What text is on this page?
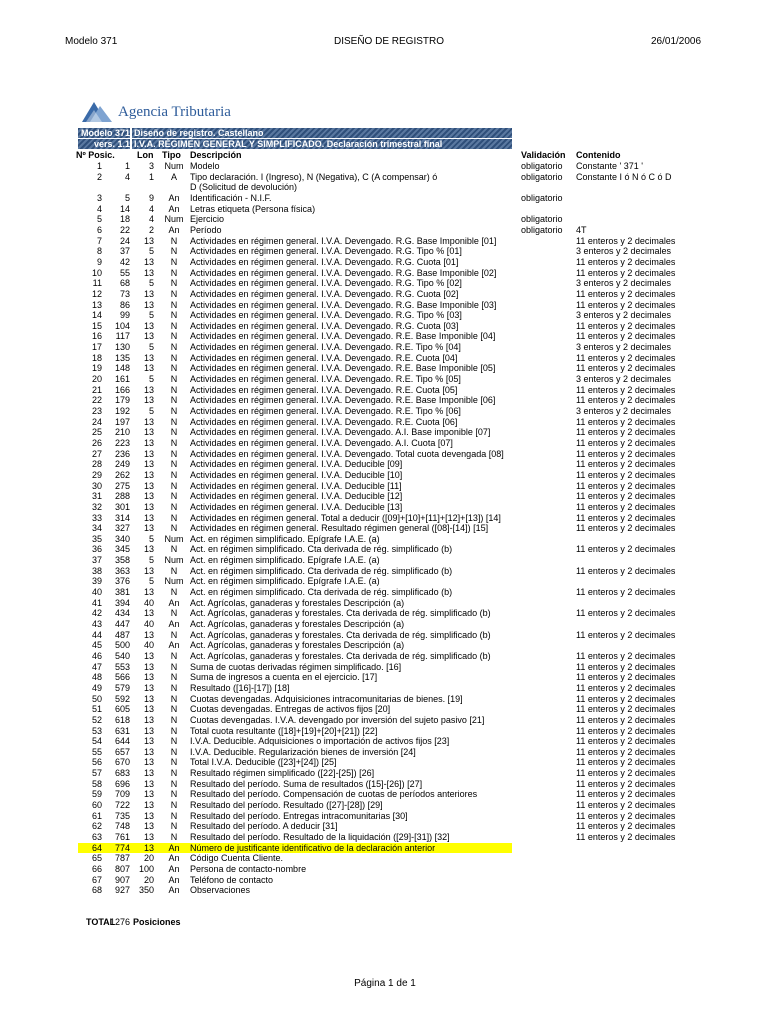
Modelo 371	DISEÑO DE REGISTRO	26/01/2006
Agencia Tributaria
Modelo 371 Diseño de registro. Castellano
vers. 1.1 I.V.A. RÉGIMEN GENERAL Y SIMPLIFICADO. Declaración trimestral final
Nº Posic. Lon Tipo Descripción	Validación Contenido
1	1	3 Num Modelo	obligatorio Constante ' 371 '
2	4	1	A	Tipo declaración. I (Ingreso), N (Negativa), C (A compensar) ó	obligatorio Constante I ó N ó C ó D
D (Solicitud de devolución)
3	5	9	An	Identificación - N.I.F.	obligatorio
4	14	4	An	Letras etiqueta (Persona física)
5	18	4 Num Ejercicio	obligatorio
6	22	2	An	Período	obligatorio 4T
7	24	13	N	Actividades en régimen general. I.V.A. Devengado. R.G. Base Imponible [01]	11 enteros y 2 decimales
8	37	5	N	Actividades en régimen general. I.V.A. Devengado. R.G. Tipo % [01]	3 enteros y 2 decimales
9	42	13	N	Actividades en régimen general. I.V.A. Devengado. R.G. Cuota [01]	11 enteros y 2 decimales
10	55	13	N	Actividades en régimen general. I.V.A. Devengado. R.G. Base Imponible [02]	11 enteros y 2 decimales
11	68	5	N	Actividades en régimen general. I.V.A. Devengado. R.G. Tipo % [02]	3 enteros y 2 decimales
12	73	13	N	Actividades en régimen general. I.V.A. Devengado. R.G. Cuota [02]	11 enteros y 2 decimales
13	86	13	N	Actividades en régimen general. I.V.A. Devengado. R.G. Base Imponible [03]	11 enteros y 2 decimales
14	99	5	N	Actividades en régimen general. I.V.A. Devengado. R.G. Tipo % [03]	3 enteros y 2 decimales
15	104	13	N	Actividades en régimen general. I.V.A. Devengado. R.G. Cuota [03]	11 enteros y 2 decimales
16	117	13	N	Actividades en régimen general. I.V.A. Devengado. R.E. Base Imponible [04]	11 enteros y 2 decimales
17	130	5	N	Actividades en régimen general. I.V.A. Devengado. R.E. Tipo % [04]	3 enteros y 2 decimales
18	135	13	N	Actividades en régimen general. I.V.A. Devengado. R.E. Cuota [04]	11 enteros y 2 decimales
19	148	13	N	Actividades en régimen general. I.V.A. Devengado. R.E. Base Imponible [05]	11 enteros y 2 decimales
20	161	5	N	Actividades en régimen general. I.V.A. Devengado. R.E. Tipo % [05]	3 enteros y 2 decimales
21	166	13	N	Actividades en régimen general. I.V.A. Devengado. R.E. Cuota [05]	11 enteros y 2 decimales
22	179	13	N	Actividades en régimen general. I.V.A. Devengado. R.E. Base Imponible [06]	11 enteros y 2 decimales
23	192	5	N	Actividades en régimen general. I.V.A. Devengado. R.E. Tipo % [06]	3 enteros y 2 decimales
24	197	13	N	Actividades en régimen general. I.V.A. Devengado. R.E. Cuota [06]	11 enteros y 2 decimales
25	210	13	N	Actividades en régimen general. I.V.A. Devengado. A.I. Base imponible [07]	11 enteros y 2 decimales
26	223	13	N	Actividades en régimen general. I.V.A. Devengado. A.I. Cuota [07]	11 enteros y 2 decimales
27	236	13	N	Actividades en régimen general. I.V.A. Devengado. Total cuota devengada [08]	11 enteros y 2 decimales
28	249	13	N	Actividades en régimen general. I.V.A. Deducible [09]	11 enteros y 2 decimales
29	262	13	N	Actividades en régimen general. I.V.A. Deducible [10]	11 enteros y 2 decimales
30	275	13	N	Actividades en régimen general. I.V.A. Deducible [11]	11 enteros y 2 decimales
31	288	13	N	Actividades en régimen general. I.V.A. Deducible [12]	11 enteros y 2 decimales
32	301	13	N	Actividades en régimen general. I.V.A. Deducible [13]	11 enteros y 2 decimales
33	314	13	N	Actividades en régimen general. Total a deducir ([09]+[10]+[11]+[12]+[13]) [14]	11 enteros y 2 decimales
34	327	13	N	Actividades en régimen general. Resultado régimen general ([08]-[14]) [15]	11 enteros y 2 decimales
35	340	5 Num Act. en régimen simplificado. Epígrafe I.A.E. (a)
36	345	13	N	Act. en régimen simplificado. Cta derivada de rég. simplificado (b)	11 enteros y 2 decimales
37	358	5 Num Act. en régimen simplificado. Epígrafe I.A.E. (a)
38	363	13	N	Act. en régimen simplificado. Cta derivada de rég. simplificado (b)	11 enteros y 2 decimales
39	376	5 Num Act. en régimen simplificado. Epígrafe I.A.E. (a)
40	381	13	N	Act. en régimen simplificado. Cta derivada de rég. simplificado (b)	11 enteros y 2 decimales
41	394	40	An	Act. Agrícolas, ganaderas y forestales Descripción (a)
42	434	13	N	Act. Agrícolas, ganaderas y forestales. Cta derivada de rég. simplificado (b)	11 enteros y 2 decimales
43	447	40	An	Act. Agrícolas, ganaderas y forestales Descripción (a)
44	487	13	N	Act. Agrícolas, ganaderas y forestales. Cta derivada de rég. simplificado (b)	11 enteros y 2 decimales
45	500	40	An	Act. Agrícolas, ganaderas y forestales Descripción (a)
46	540	13	N	Act. Agrícolas, ganaderas y forestales. Cta derivada de rég. simplificado (b)	11 enteros y 2 decimales
47	553	13	N	Suma de cuotas derivadas régimen simplificado. [16]	11 enteros y 2 decimales
48	566	13	N	Suma de ingresos a cuenta en el ejercicio. [17]	11 enteros y 2 decimales
49	579	13	N	Resultado ([16]-[17]) [18]	11 enteros y 2 decimales
50	592	13	N	Cuotas devengadas. Adquisiciones intracomunitarias de bienes. [19]	11 enteros y 2 decimales
51	605	13	N	Cuotas devengadas. Entregas de activos fijos [20]	11 enteros y 2 decimales
52	618	13	N	Cuotas devengadas. I.V.A. devengado por inversión del sujeto pasivo [21]	11 enteros y 2 decimales
53	631	13	N	Total cuota resultante ([18]+[19]+[20]+[21]) [22]	11 enteros y 2 decimales
54	644	13	N	I.V.A. Deducible. Adquisiciones o importación de activos fijos [23]	11 enteros y 2 decimales
55	657	13	N	I.V.A. Deducible. Regularización bienes de inversión [24]	11 enteros y 2 decimales
56	670	13	N	Total I.V.A. Deducible ([23]+[24]) [25]	11 enteros y 2 decimales
57	683	13	N	Resultado régimen simplificado ([22]-[25]) [26]	11 enteros y 2 decimales
58	696	13	N	Resultado del período. Suma de resultados ([15]-[26]) [27]	11 enteros y 2 decimales
59	709	13	N	Resultado del período. Compensación de cuotas de períodos anteriores	11 enteros y 2 decimales
60	722	13	N	Resultado del período. Resultado ([27]-[28]) [29]	11 enteros y 2 decimales
61	735	13	N	Resultado del período. Entregas intracomunitarias [30]	11 enteros y 2 decimales
62	748	13	N	Resultado del período. A deducir [31]	11 enteros y 2 decimales
63	761	13	N	Resultado del período. Resultado de la liquidación ([29]-[31]) [32]	11 enteros y 2 decimales
64	774	13	An	Número de justificante identificativo de la declaración anterior
65	787	20	An	Código Cuenta Cliente.
66	807 100	An	Persona de contacto-nombre
67	907	20	An	Teléfono de contacto
68	927 350	An	Observaciones
TOTAL
1276 Posiciones
Página 1 de 1
